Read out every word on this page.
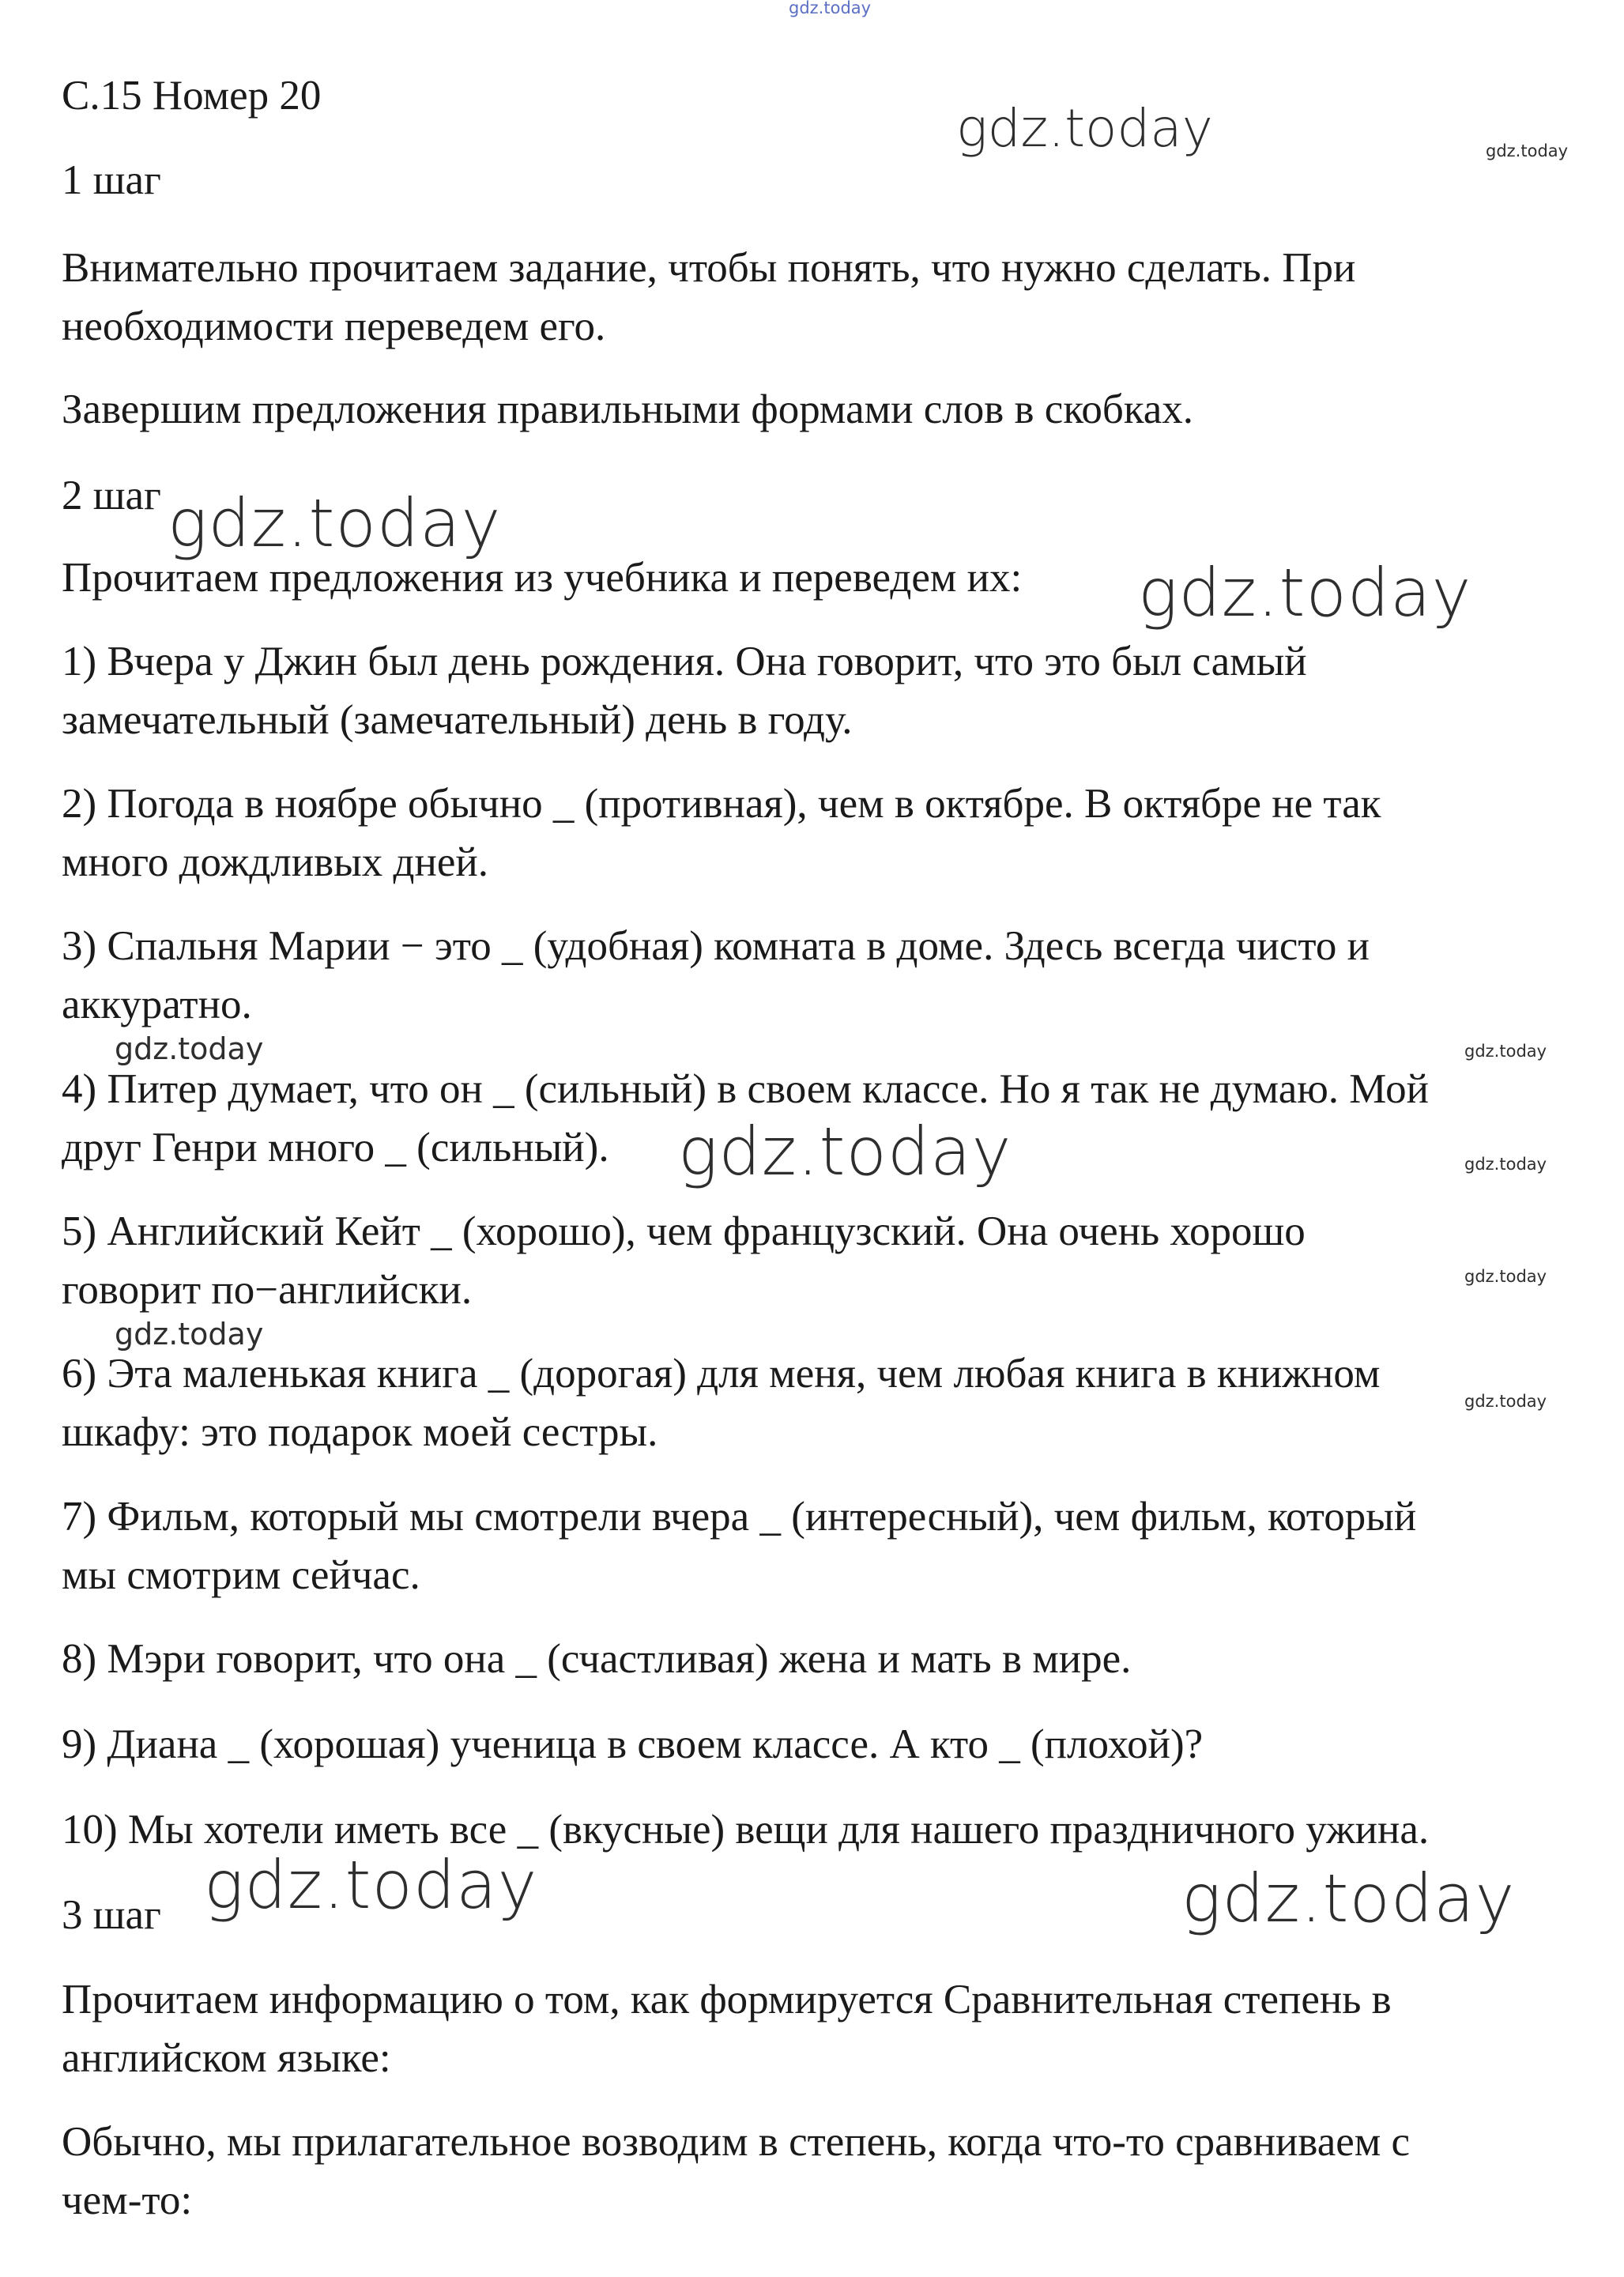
gdz.today
gdz.today	gdz.today
gdz.today
gdz.today
gdz.today	gdz.today
gdz.today	gdz.today
gdz.today
gdz.today
gdz.today
gdz.today	gdz.today
С.15 Номер 20
1 шаг
Внимательно прочитаем задание, чтобы понять, что нужно сделать. При
необходимости переведем его.
Завершим предложения правильными формами слов в скобках.
2 шаг
Прочитаем предложения из учебника и переведем их:
1) Вчера у Джин был день рождения. Она говорит, что это был самый
замечательный (замечательный) день в году.
2) Погода в ноябре обычно _ (противная), чем в октябре. В октябре не так
много дождливых дней.
3) Спальня Марии − это _ (удобная) комната в доме. Здесь всегда чисто и
аккуратно.
4) Питер думает, что он _ (сильный) в своем классе. Но я так не думаю. Мой
друг Генри много _ (сильный).
5) Английский Кейт _ (хорошо), чем французский. Она очень хорошо
говорит по−английски.
6) Эта маленькая книга _ (дорогая) для меня, чем любая книга в книжном
шкафу: это подарок моей сестры.
7) Фильм, который мы смотрели вчера _ (интересный), чем фильм, который
мы смотрим сейчас.
8) Мэри говорит, что она _ (счастливая) жена и мать в мире.
9) Диана _ (хорошая) ученица в своем классе. А кто _ (плохой)?
10) Мы хотели иметь все _ (вкусные) вещи для нашего праздничного ужина.
3 шаг
Прочитаем информацию о том, как формируется Сравнительная степень в
английском языке:
Обычно, мы прилагательное возводим в степень, когда что-то сравниваем с
чем-то:
